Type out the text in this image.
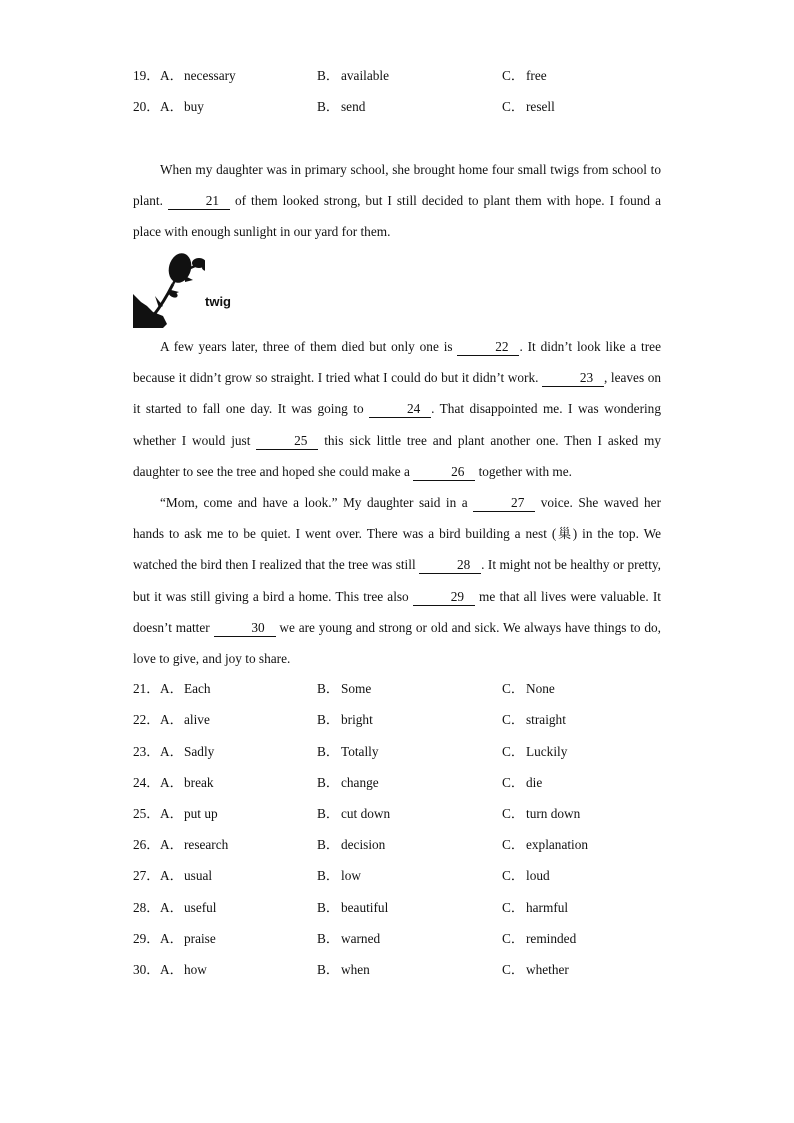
19． A．necessary	B． available	C． free
20． A．buy	B． send	C． resell

When my daughter was in primary school, she brought home four small twigs from school to plant.	21 of them looked strong, but I still decided to plant them with hope. I found a place with enough sunlight in our yard for them.

twig

A few years later, three of them died but only one is	22 . It didn’t look like a tree because it didn’t grow so straight. I tried what I could do but it didn’t work.	23 , leaves on it started to fall one day. It was going to	24 . That disappointed me. I was wondering whether I would just	25 this sick little tree and plant another one. Then I asked my daughter to see the tree and hoped she could make a	26 together with me.

“Mom, come and have a look.” My daughter said in a	27 voice. She waved her hands to ask me to be quiet. I went over. There was a bird building a nest (巢) in the top. We watched the bird then I realized that the tree was still	28 . It might not be healthy or pretty, but it was still giving a bird a home. This tree also	29 me that all lives were valuable. It doesn’t matter	30 we are young and strong or old and sick. We always have things to do, love to give, and joy to share.

21． A．Each	B． Some	C． None
22． A．alive	B． bright	C． straight
23． A．Sadly	B． Totally	C． Luckily
24． A．break	B． change	C． die
25． A．put up	B． cut down	C． turn down
26． A．research	B． decision	C． explanation
27． A．usual	B． low	C． loud
28． A．useful	B． beautiful	C． harmful
29． A．praise	B． warned	C． reminded
30． A．how	B． when	C． whether
